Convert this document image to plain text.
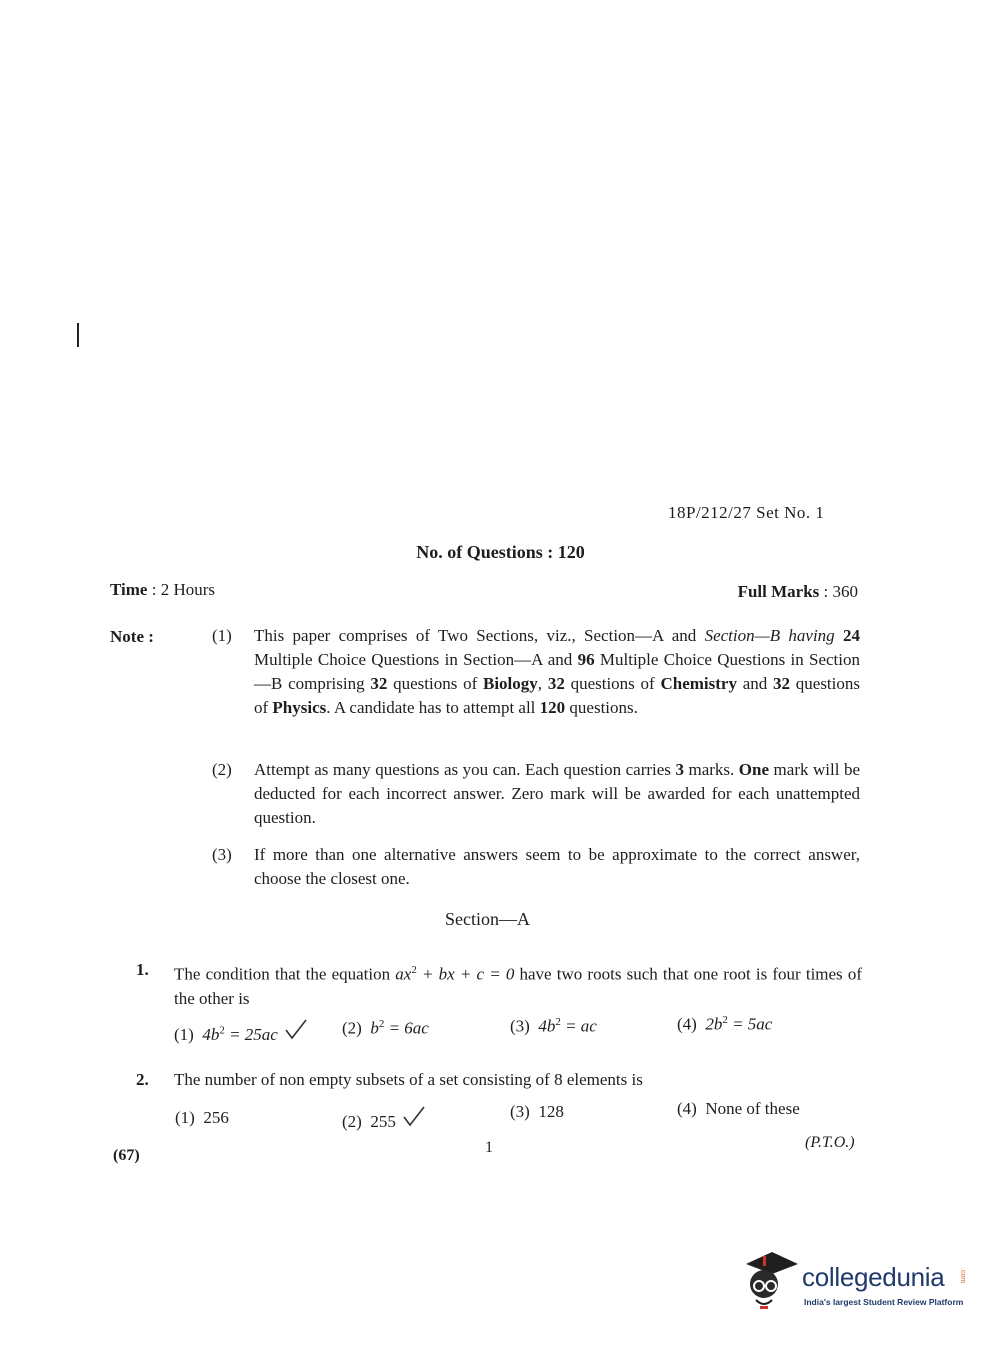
18P/212/27 Set No. 1
No. of Questions : 120
Time : 2 Hours	Full Marks : 360
Note :	(1)	This paper comprises of Two Sections, viz., Section—A and Section—B having 24 Multiple Choice Questions in Section—A and 96 Multiple Choice Questions in Section—B comprising 32 questions of Biology, 32 questions of Chemistry and 32 questions of Physics. A candidate has to attempt all 120 questions.
(2)	Attempt as many questions as you can. Each question carries 3 marks. One mark will be deducted for each incorrect answer. Zero mark will be awarded for each unattempted question.
(3)	If more than one alternative answers seem to be approximate to the correct answer, choose the closest one.
Section—A
1.	The condition that the equation $ax^2$ + bx + c = 0 have two roots such that one root is four times of the other is
(1) $4b^2 = 25ac$	(2) $b^2 = 6ac$	(3) $4b^2$ = ac	(4) $2b^2 = 5ac$
2.	The number of non empty subsets of a set consisting of 8 elements is
(1) 256	(2) 255
(3) 128	(4) None of these
(67)	1	(P.T.O.)
collegedunia .com
India's largest Student Review Platform
